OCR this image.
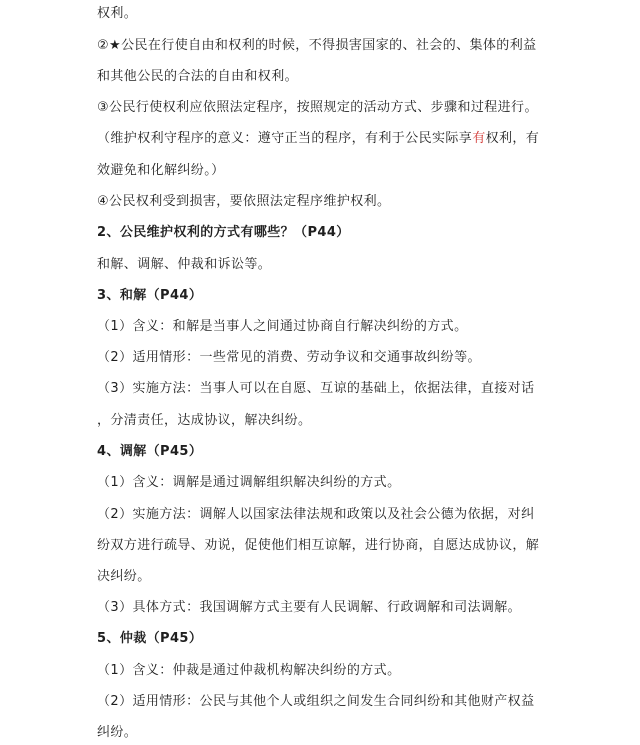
权利。
②★公民在行使自由和权利的时候，不得损害国家的、社会的、集体的利益
和其他公民的合法的自由和权利。
③公民行使权利应依照法定程序，按照规定的活动方式、步骤和过程进行。
（维护权利守程序的意义：遵守正当的程序，有利于公民实际享有权利，有
效避免和化解纠纷。）
④公民权利受到损害，要依照法定程序维护权利。
2、公民维护权利的方式有哪些？（P44）
和解、调解、仲裁和诉讼等。
3、和解（P44）
（1）含义：和解是当事人之间通过协商自行解决纠纷的方式。
（2）适用情形：一些常见的消费、劳动争议和交通事故纠纷等。
（3）实施方法：当事人可以在自愿、互谅的基础上，依据法律，直接对话
，分清责任，达成协议，解决纠纷。
4、调解（P45）
（1）含义：调解是通过调解组织解决纠纷的方式。
（2）实施方法：调解人以国家法律法规和政策以及社会公德为依据，对纠
纷双方进行疏导、劝说，促使他们相互谅解，进行协商，自愿达成协议，解
决纠纷。
（3）具体方式：我国调解方式主要有人民调解、行政调解和司法调解。
5、仲裁（P45）
（1）含义：仲裁是通过仲裁机构解决纠纷的方式。
（2）适用情形：公民与其他个人或组织之间发生合同纠纷和其他财产权益
纠纷。
